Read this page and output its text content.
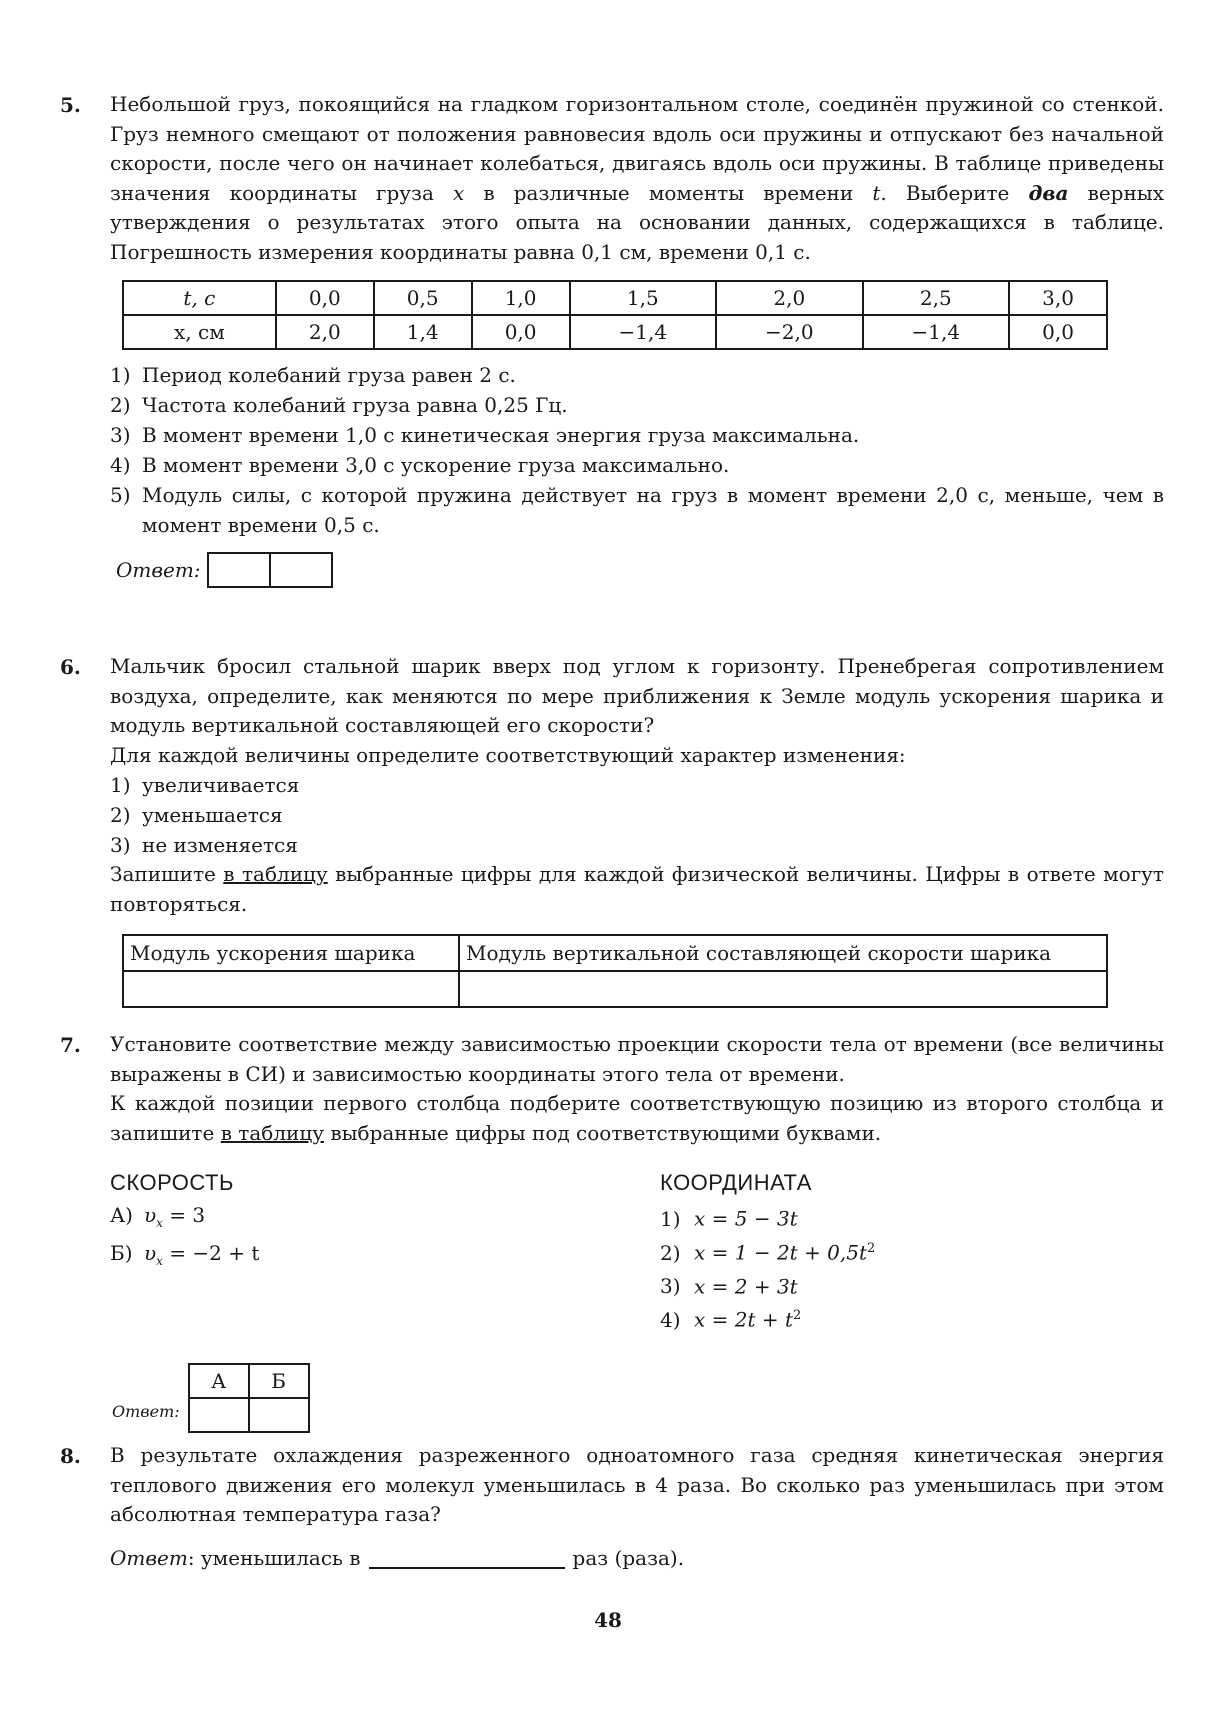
5. Небольшой груз, покоящийся на гладком горизонтальном столе, соединён пружиной со стенкой. Груз немного смещают от положения равновесия вдоль оси пружины и отпускают без начальной скорости, после чего он начинает колебаться, двигаясь вдоль оси пружины. В таблице приведены значения координаты груза x в различные моменты времени t. Выберите два верных утверждения о результатах этого опыта на основании данных, содержащихся в таблице. Погрешность измерения координаты равна 0,1 см, времени 0,1 с.

t, с	0,0	0,5	1,0	1,5	2,0	2,5	3,0
x, см	2,0	1,4	0,0	−1,4	−2,0	−1,4	0,0
1) Период колебаний груза равен 2 с.
2) Частота колебаний груза равна 0,25 Гц.
3) В момент времени 1,0 с кинетическая энергия груза максимальна.
4) В момент времени 3,0 с ускорение груза максимально.
5) Модуль силы, с которой пружина действует на груз в момент времени 2,0 с, меньше, чем в момент времени 0,5 с.
Ответ:
6. Мальчик бросил стальной шарик вверх под углом к горизонту. Пренебрегая сопротивлением воздуха, определите, как меняются по мере приближения к Земле модуль ускорения шарика и модуль вертикальной составляющей его скорости?

Для каждой величины определите соответствующий характер изменения:

1) увеличивается
2) уменьшается
3) не изменяется

Запишите в таблицу выбранные цифры для каждой физической величины. Цифры в ответе могут повторяться.

Модуль ускорения шарика	Модуль вертикальной составляющей скорости шарика

7. Установите соответствие между зависимостью проекции скорости тела от времени (все величины выражены в СИ) и зависимостью координаты этого тела от времени.

К каждой позиции первого столбца подберите соответствующую позицию из второго столбца и запишите в таблицу выбранные цифры под соответствующими буквами.

СКОРОСТЬ
А) $\upsilon_x = 3$
Б) $\upsilon_x = -2 + t$
КООРДИНАТА
1) x = 5 − 3t
2) $x = 1 - 2t + 0,5t^2$
3) x = 2 + 3t
4) $x = 2t + t^2$
Ответ:
А	Б

8. В результате охлаждения разреженного одноатомного газа средняя кинетическая энергия теплового движения его молекул уменьшилась в 4 раза. Во сколько раз уменьшилась при этом абсолютная температура газа?

Ответ: уменьшилась в	раз (раза).
48
